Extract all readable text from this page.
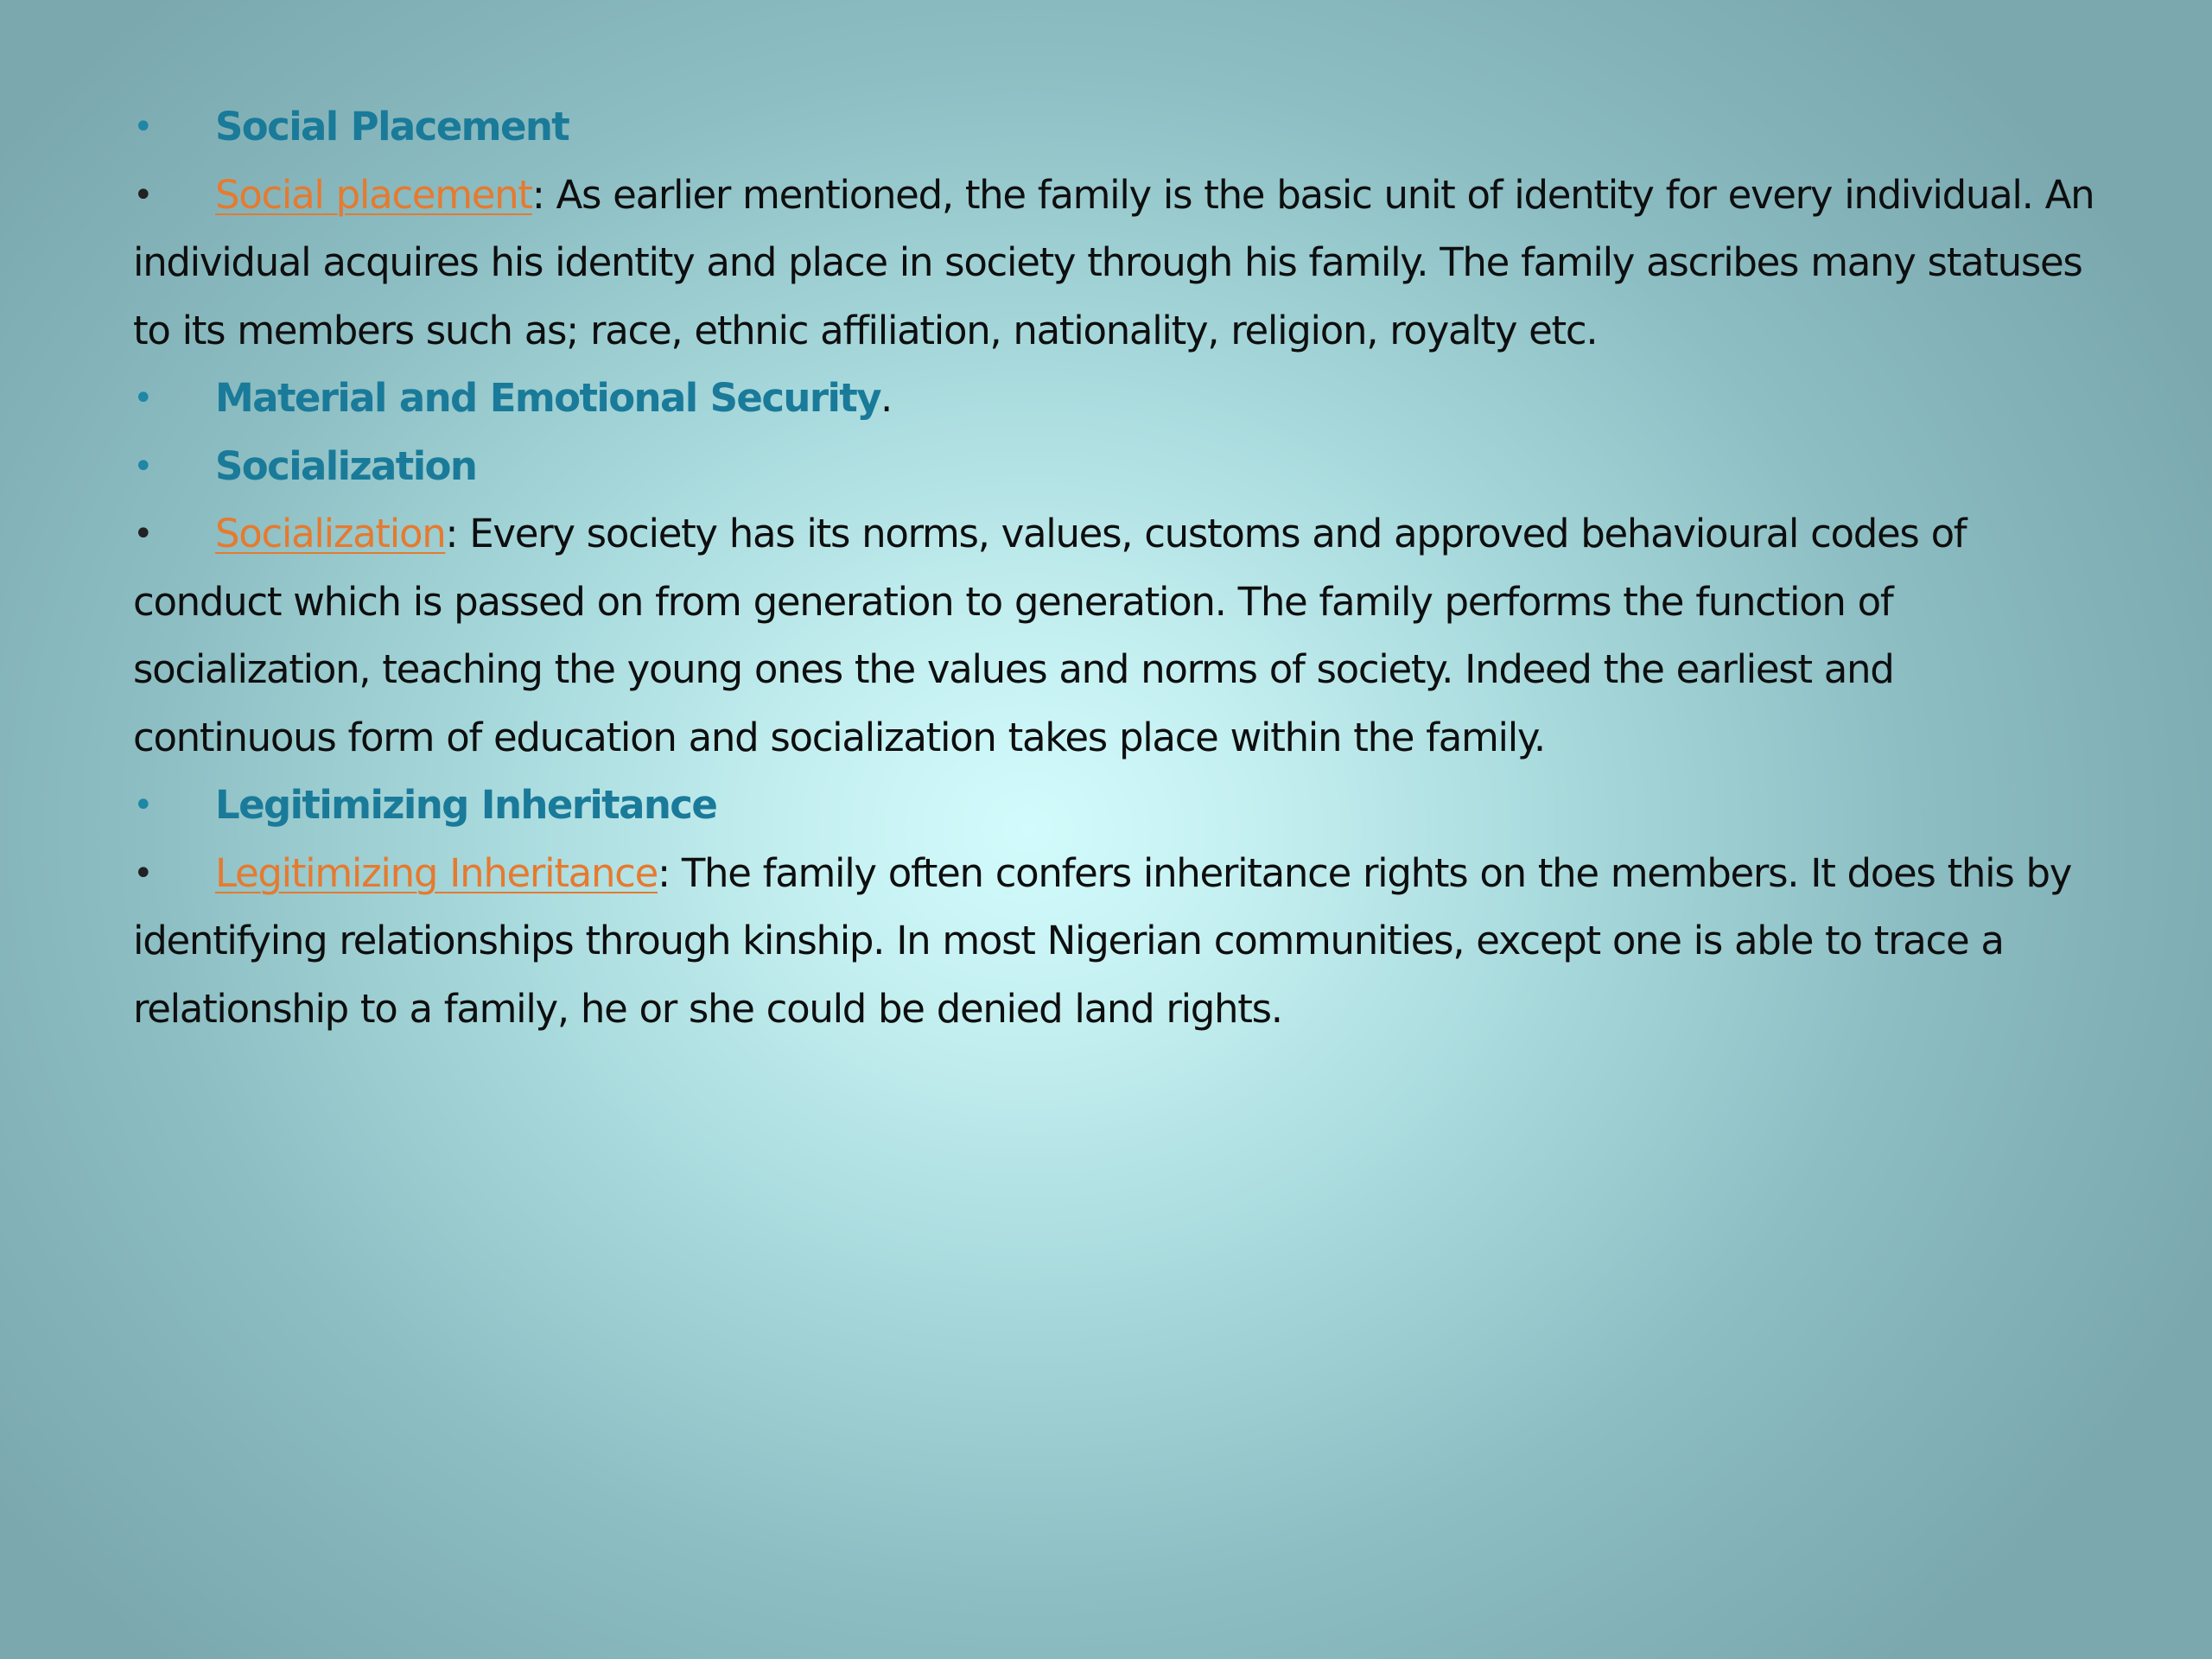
• Social Placement
• Social placement: As earlier mentioned, the family is the basic unit of identity for every individual. An individual acquires his identity and place in society through his family. The family ascribes many statuses to its members such as; race, ethnic affiliation, nationality, religion, royalty etc.
• Material and Emotional Security.
• Socialization
• Socialization: Every society has its norms, values, customs and approved behavioural codes of conduct which is passed on from generation to generation. The family performs the function of socialization, teaching the young ones the values and norms of society. Indeed the earliest and continuous form of education and socialization takes place within the family.
• Legitimizing Inheritance
• Legitimizing Inheritance: The family often confers inheritance rights on the members. It does this by identifying relationships through kinship. In most Nigerian communities, except one is able to trace a relationship to a family, he or she could be denied land rights.
